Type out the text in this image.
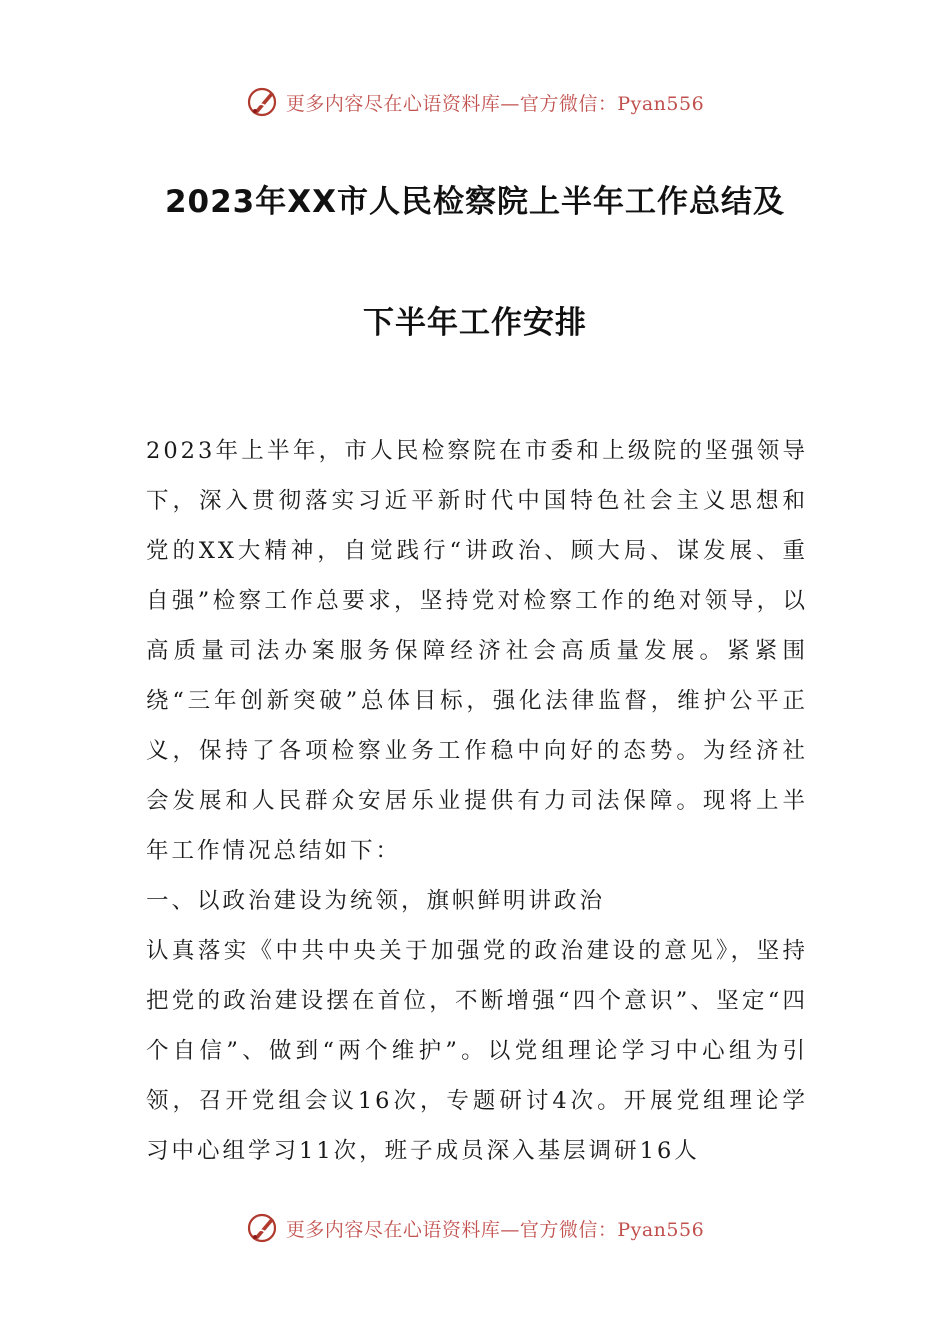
更多内容尽在心语资料库—官方微信：Pyan556
2023年XX市人民检察院上半年工作总结及
下半年工作安排

2023年上半年，市人民检察院在市委和上级院的坚强领导下，深入贯彻落实习近平新时代中国特色社会主义思想和党的XX大精神，自觉践行“讲政治、顾大局、谋发展、重自强”检察工作总要求，坚持党对检察工作的绝对领导，以高质量司法办案服务保障经济社会高质量发展。紧紧围绕“三年创新突破”总体目标，强化法律监督，维护公平正义，保持了各项检察业务工作稳中向好的态势。为经济社会发展和人民群众安居乐业提供有力司法保障。现将上半年工作情况总结如下：

一、以政治建设为统领，旗帜鲜明讲政治

认真落实《中共中央关于加强党的政治建设的意见》，坚持把党的政治建设摆在首位，不断增强“四个意识”、坚定“四个自信”、做到“两个维护”。以党组理论学习中心组为引领，召开党组会议16次，专题研讨4次。开展党组理论学习中心组学习11次，班子成员深入基层调研16人

更多内容尽在心语资料库—官方微信：Pyan556
